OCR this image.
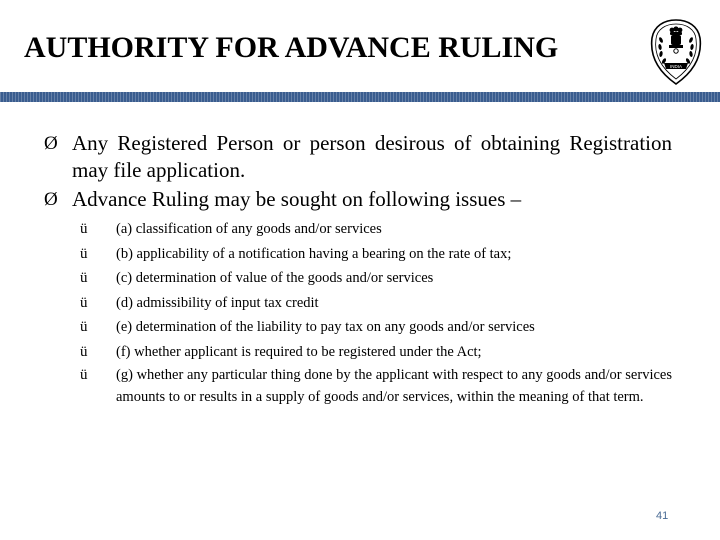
AUTHORITY FOR ADVANCE RULING
INDIA
Ø Any Registered Person or person desirous of obtaining Registration may file application.
Ø Advance Ruling may be sought on following issues –
ü (a) classification of any goods and/or services
ü (b) applicability of a notification having a bearing on the rate of tax;
ü (c) determination of value of the goods and/or services
ü (d) admissibility of input tax credit
ü (e) determination of the liability to pay tax on any goods and/or services
ü (f) whether applicant is required to be registered under the Act;
ü (g) whether any particular thing done by the applicant with respect to any goods and/or services amounts to or results in a supply of goods and/or services, within the meaning of that term.
41
